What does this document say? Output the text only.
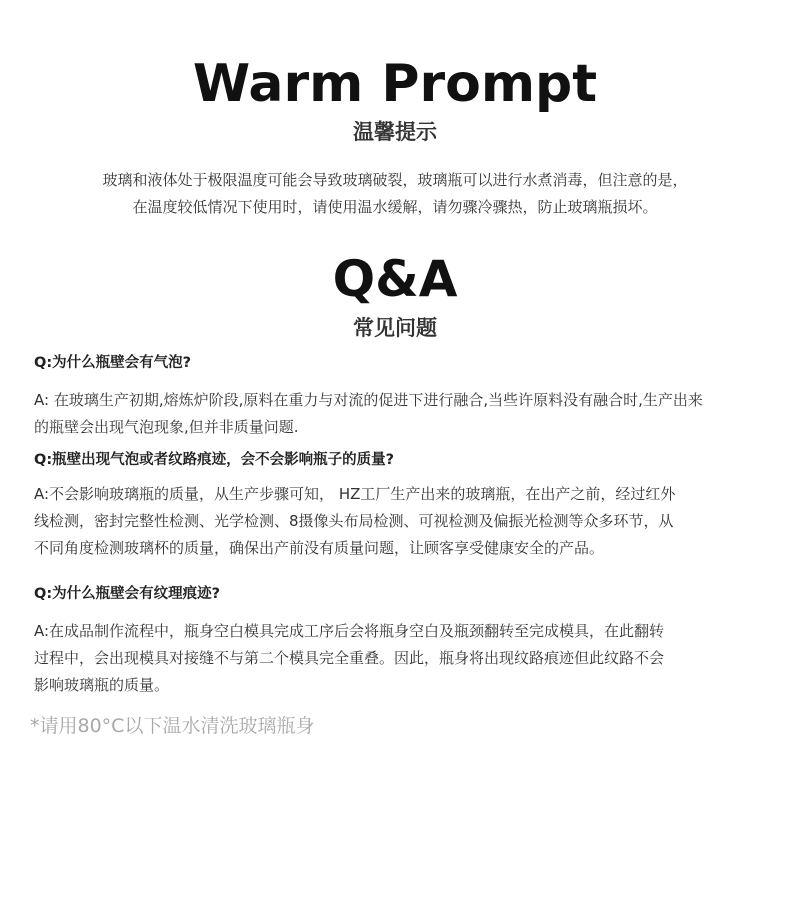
Warm Prompt
温馨提示

玻璃和液体处于极限温度可能会导致玻璃破裂，玻璃瓶可以进行水煮消毒，但注意的是，

在温度较低情况下使用时，请使用温水缓解，请勿骤冷骤热，防止玻璃瓶损坏。

Q&A
常见问题

Q:为什么瓶壁会有气泡?

A: 在玻璃生产初期,熔炼炉阶段,原料在重力与对流的促进下进行融合,当些许原料没有融合时,生产出来
的瓶壁会出现气泡现象,但并非质量问题.

Q:瓶壁出现气泡或者纹路痕迹，会不会影响瓶子的质量?

A:不会影响玻璃瓶的质量，从生产步骤可知， HZ工厂生产出来的玻璃瓶，在出产之前，经过红外
线检测，密封完整性检测、光学检测、8摄像头布局检测、可视检测及偏振光检测等众多环节，从
不同角度检测玻璃杯的质量，确保出产前没有质量问题，让顾客享受健康安全的产品。

Q:为什么瓶壁会有纹理痕迹?

A:在成品制作流程中，瓶身空白模具完成工序后会将瓶身空白及瓶颈翻转至完成模具，在此翻转
过程中，会出现模具对接缝不与第二个模具完全重叠。因此，瓶身将出现纹路痕迹但此纹路不会
影响玻璃瓶的质量。

*请用80°C以下温水清洗玻璃瓶身
